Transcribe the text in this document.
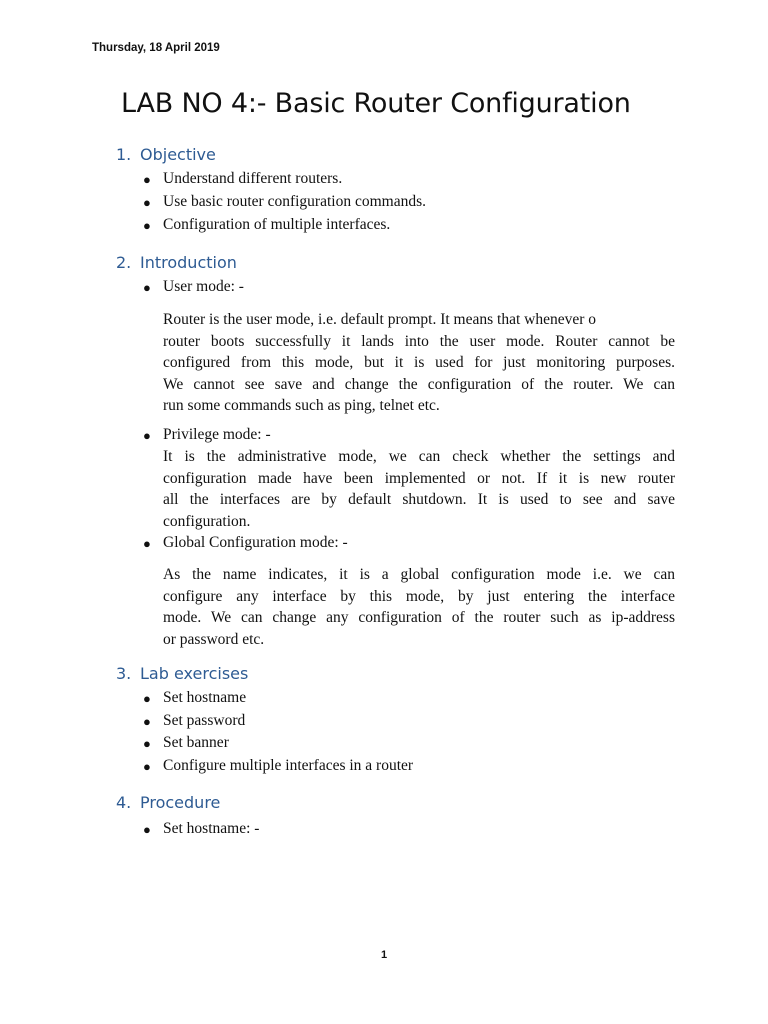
Thursday, 18 April 2019
LAB NO 4:- Basic Router Configuration
1. Objective
● Understand different routers.
● Use basic router configuration commands.
● Configuration of multiple interfaces.
2. Introduction
● User mode: -
Router is the user mode, i.e. default prompt. It means that whenever o
router boots successfully it lands into the user mode. Router cannot be
configured from this mode, but it is used for just monitoring purposes.
We cannot see save and change the configuration of the router. We can
run some commands such as ping, telnet etc.
● Privilege mode: -
It is the administrative mode, we can check whether the settings and
configuration made have been implemented or not. If it is new router
all the interfaces are by default shutdown. It is used to see and save
configuration.
● Global Configuration mode: -
As the name indicates, it is a global configuration mode i.e. we can
configure any interface by this mode, by just entering the interface
mode. We can change any configuration of the router such as ip-address
or password etc.
3. Lab exercises
● Set hostname
● Set password
● Set banner
● Configure multiple interfaces in a router
4. Procedure
● Set hostname: -
1
